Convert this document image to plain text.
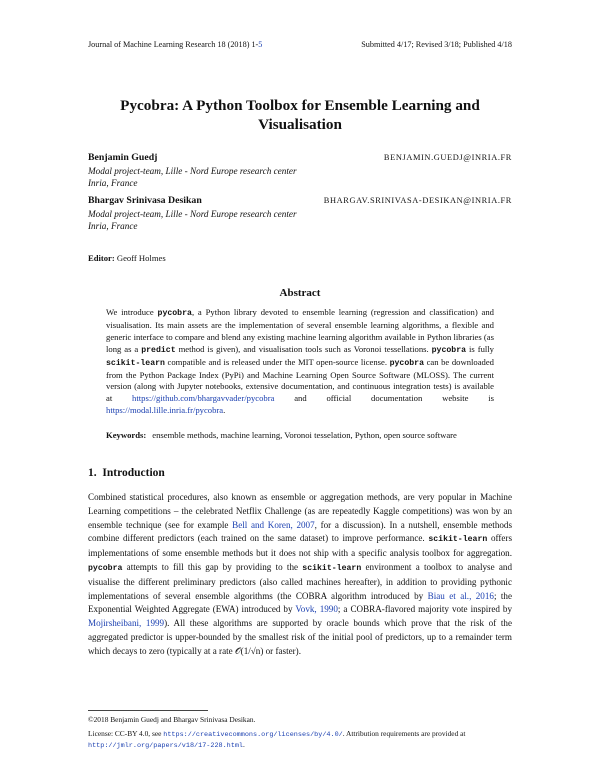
Journal of Machine Learning Research 18 (2018) 1-5	Submitted 4/17; Revised 3/18; Published 4/18
Pycobra: A Python Toolbox for Ensemble Learning and
Visualisation
Benjamin Guedj	BENJAMIN.GUEDJ@INRIA.FR
Modal project-team, Lille - Nord Europe research center
Inria, France
Bhargav Srinivasa Desikan	BHARGAV.SRINIVASA-DESIKAN@INRIA.FR
Modal project-team, Lille - Nord Europe research center
Inria, France
Editor: Geoff Holmes
Abstract

We introduce pycobra, a Python library devoted to ensemble learning (regression and classification) and visualisation. Its main assets are the implementation of several ensemble learning algorithms, a flexible and generic interface to compare and blend any existing machine learning algorithm available in Python libraries (as long as a predict method is given), and visualisation tools such as Voronoi tessellations. pycobra is fully scikit-learn compatible and is released under the MIT open-source license. pycobra can be downloaded from the Python Package Index (PyPi) and Machine Learning Open Source Software (MLOSS). The current version (along with Jupyter notebooks, extensive documentation, and continuous integration tests) is available at https://github.com/bhargavvader/pycobra and official documentation website is https://modal.lille.inria.fr/pycobra.

Keywords: ensemble methods, machine learning, Voronoi tesselation, Python, open source software
1. Introduction

Combined statistical procedures, also known as ensemble or aggregation methods, are very popular in Machine Learning competitions – the celebrated Netflix Challenge (as are repeatedly Kaggle competitions) was won by an ensemble technique (see for example Bell and Koren, 2007, for a discussion). In a nutshell, ensemble methods combine different predictors (each trained on the same dataset) to improve performance. scikit-learn offers implementations of some ensemble methods but it does not ship with a specific analysis toolbox for aggregation. pycobra attempts to fill this gap by providing to the scikit-learn environment a toolbox to analyse and visualise the different preliminary predictors (also called machines hereafter), in addition to providing pythonic implementations of several ensemble algorithms (the COBRA algorithm introduced by Biau et al., 2016; the Exponential Weighted Aggregate (EWA) introduced by Vovk, 1990; a COBRA-flavored majority vote inspired by Mojirsheibani, 1999). All these algorithms are supported by oracle bounds which prove that the risk of the aggregated predictor is upper-bounded by the smallest risk of the initial pool of predictors, up to a remainder term which decays to zero (typically at a rate 𝒪(1/√n) or faster).

©2018 Benjamin Guedj and Bhargav Srinivasa Desikan.
License: CC-BY 4.0, see https://creativecommons.org/licenses/by/4.0/. Attribution requirements are provided at http://jmlr.org/papers/v18/17-228.html.
